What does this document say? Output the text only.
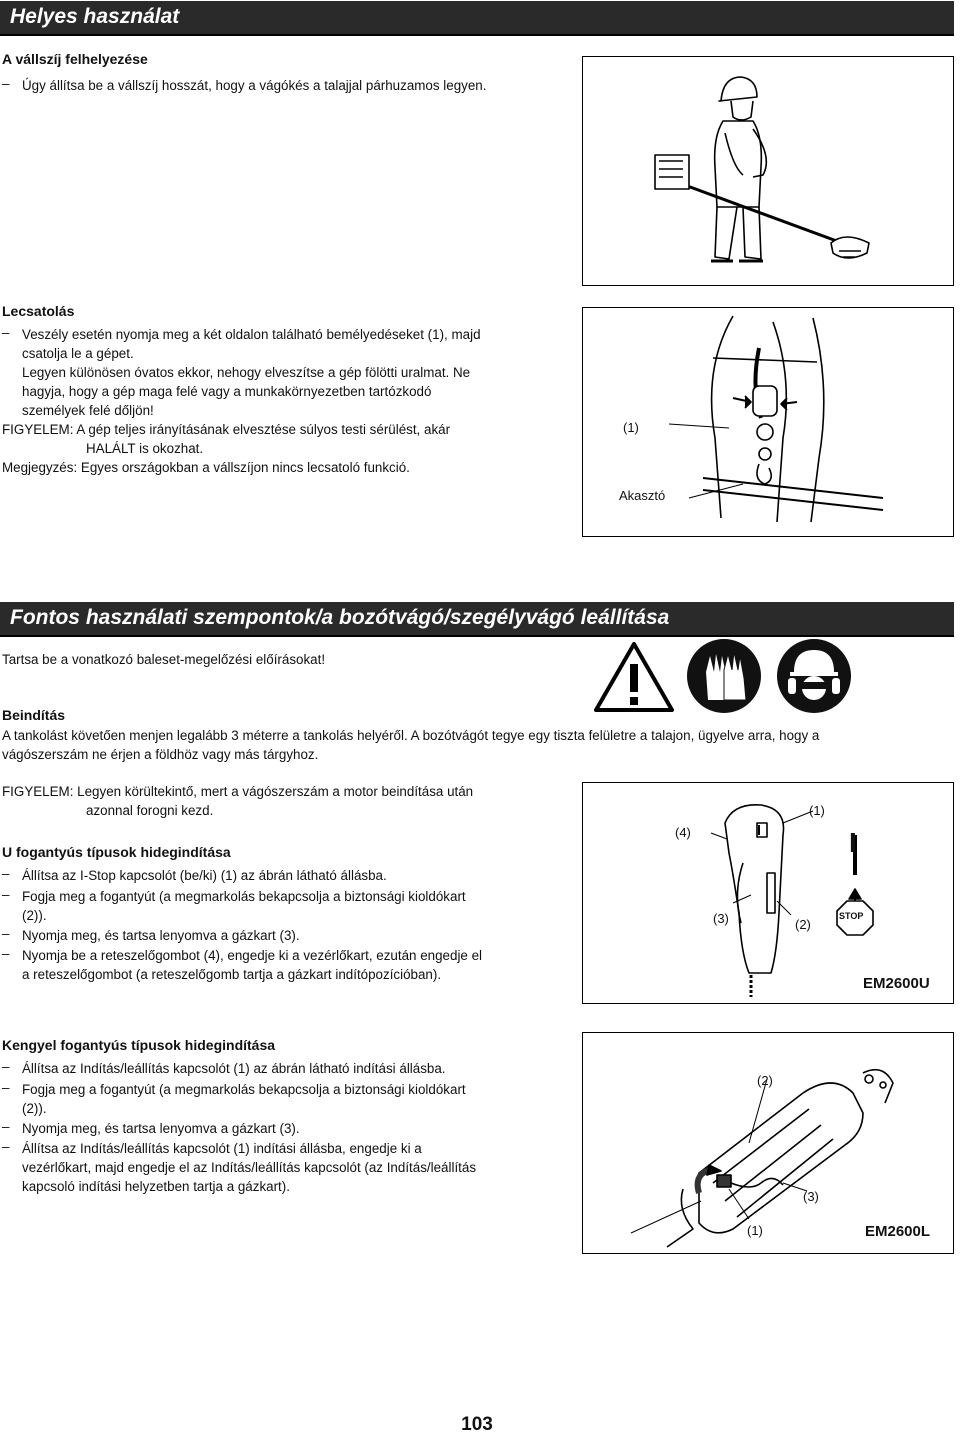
Helyes használat
A vállszíj felhelyezése
– Úgy állítsa be a vállszíj hosszát, hogy a vágókés a talajjal párhuzamos legyen.
Lecsatolás
– Veszély esetén nyomja meg a két oldalon található bemélyedéseket (1), majd
csatolja le a gépet.
Legyen különösen óvatos ekkor, nehogy elveszítse a gép fölötti uralmat. Ne
hagyja, hogy a gép maga felé vagy a munkakörnyezetben tartózkodó
személyek felé dőljön!
FIGYELEM: A gép teljes irányításának elvesztése súlyos testi sérülést, akár
HALÁLT is okozhat.
Megjegyzés: Egyes országokban a vállszíjon nincs lecsatoló funkció.
(1)
Akasztó
Fontos használati szempontok/a bozótvágó/szegélyvágó leállítása
Tartsa be a vonatkozó baleset-megelőzési előírásokat!
Beindítás
A tankolást követően menjen legalább 3 méterre a tankolás helyéről. A bozótvágót tegye egy tiszta felületre a talajon, ügyelve arra, hogy a
vágószerszám ne érjen a földhöz vagy más tárgyhoz.
FIGYELEM: Legyen körültekintő, mert a vágószerszám a motor beindítása után
azonnal forogni kezd.
U fogantyús típusok hidegindítása
– Állítsa az I-Stop kapcsolót (be/ki) (1) az ábrán látható állásba.
– Fogja meg a fogantyút (a megmarkolás bekapcsolja a biztonsági kioldókart
(2)).
– Nyomja meg, és tartsa lenyomva a gázkart (3).
– Nyomja be a reteszelőgombot (4), engedje ki a vezérlőkart, ezután engedje el
a reteszelőgombot (a reteszelőgomb tartja a gázkart indítópozícióban).
(4)
(1)
(3)	(2)
I
STOP
EM2600U
Kengyel fogantyús típusok hidegindítása
– Állítsa az Indítás/leállítás kapcsolót (1) az ábrán látható indítási állásba.
– Fogja meg a fogantyút (a megmarkolás bekapcsolja a biztonsági kioldókart
(2)).
– Nyomja meg, és tartsa lenyomva a gázkart (3).
– Állítsa az Indítás/leállítás kapcsolót (1) indítási állásba, engedje ki a
vezérlőkart, majd engedje el az Indítás/leállítás kapcsolót (az Indítás/leállítás
kapcsoló indítási helyzetben tartja a gázkart).
(2)
(3)
(1)	EM2600L
103
